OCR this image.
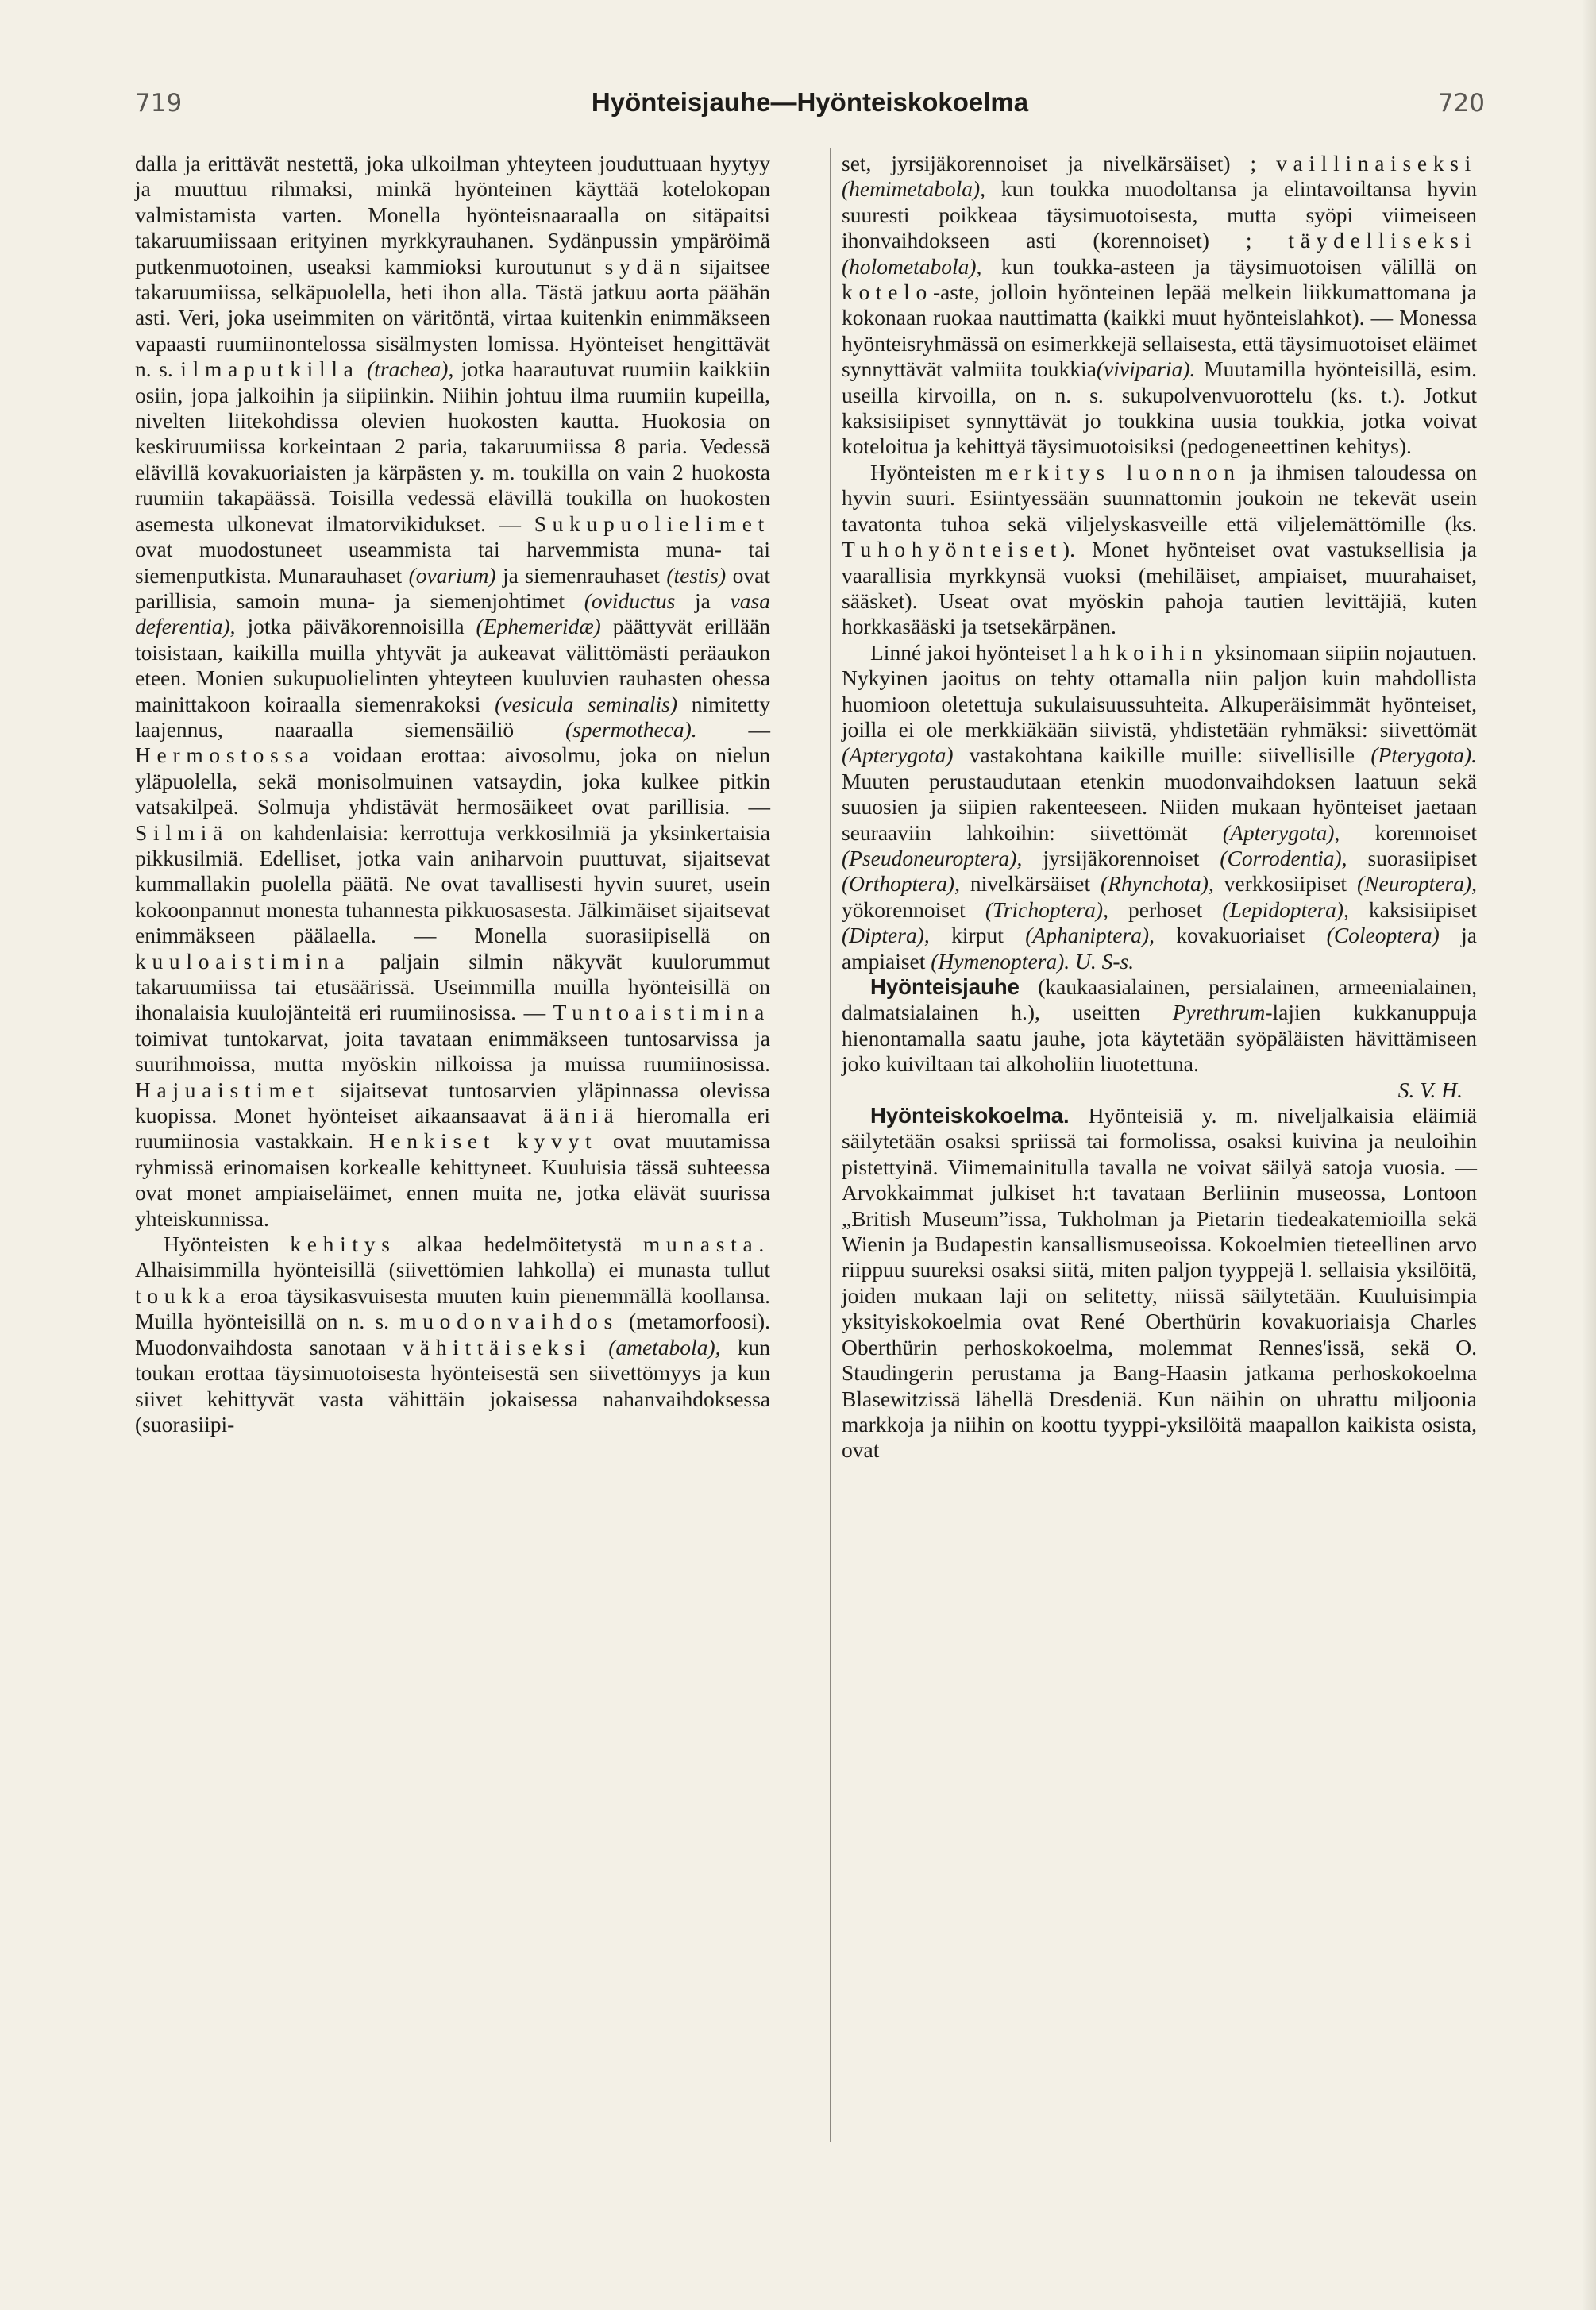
719	Hyönteisjauhe—Hyönteiskokoelma	720

dalla ja erittävät nestettä, joka ulkoilman yhteyteen jouduttuaan hyytyy ja muuttuu rihmaksi, minkä hyönteinen käyttää kotelokopan valmistamista varten. Monella hyönteisnaaraalla on sitäpaitsi takaruumiissaan erityinen myrkkyrauhanen. Sydänpussin ympäröimä putkenmuotoinen, useaksi kammioksi kuroutunut sydän sijaitsee takaruumiissa, selkäpuolella, heti ihon alla. Tästä jatkuu aorta päähän asti. Veri, joka useimmiten on väritöntä, virtaa kuitenkin enimmäkseen vapaasti ruumiinontelossa sisälmysten lomissa. Hyönteiset hengittävät n. s. ilmaputkilla (trachea), jotka haarautuvat ruumiin kaikkiin osiin, jopa jalkoihin ja siipiinkin. Niihin johtuu ilma ruumiin kupeilla, nivelten liitekohdissa olevien huokosten kautta. Huokosia on keskiruumiissa korkeintaan 2 paria, takaruumiissa 8 paria. Vedessä elävillä kovakuoriaisten ja kärpästen y. m. toukilla on vain 2 huokosta ruumiin takapäässä. Toisilla vedessä elävillä toukilla on huokosten asemesta ulkonevat ilmatorvikidukset. — Sukupuolielimet ovat muodostuneet useammista tai harvemmista muna- tai siemenputkista. Munarauhaset (ovarium) ja siemenrauhaset (testis) ovat parillisia, samoin muna- ja siemenjohtimet (oviductus ja vasa deferentia), jotka päiväkorennoisilla (Ephemeridæ) päättyvät erillään toisistaan, kaikilla muilla yhtyvät ja aukeavat välittömästi peräaukon eteen. Monien sukupuolielinten yhteyteen kuuluvien rauhasten ohessa mainittakoon koiraalla siemenrakoksi (vesicula seminalis) nimitetty laajennus, naaraalla siemensäiliö (spermotheca). — Hermostossa voidaan erottaa: aivosolmu, joka on nielun yläpuolella, sekä monisolmuinen vatsaydin, joka kulkee pitkin vatsakilpeä. Solmuja yhdistävät hermosäikeet ovat parillisia. — Silmiä on kahdenlaisia: kerrottuja verkkosilmiä ja yksinkertaisia pikkusilmiä. Edelliset, jotka vain aniharvoin puuttuvat, sijaitsevat kummallakin puolella päätä. Ne ovat tavallisesti hyvin suuret, usein kokoonpannut monesta tuhannesta pikkuosasesta. Jälkimäiset sijaitsevat enimmäkseen päälaella. — Monella suorasiipisellä on kuuloaistimina paljain silmin näkyvät kuulorummut takaruumiissa tai etusäärissä. Useimmilla muilla hyönteisillä on ihonalaisia kuulojänteitä eri ruumiinosissa. — Tuntoaistimina toimivat tuntokarvat, joita tavataan enimmäkseen tuntosarvissa ja suurihmoissa, mutta myöskin nilkoissa ja muissa ruumiinosissa. Hajuaistimet sijaitsevat tuntosarvien yläpinnassa olevissa kuopissa. Monet hyönteiset aikaansaavat ääniä hieromalla eri ruumiinosia vastakkain. Henkiset kyvyt ovat muutamissa ryhmissä erinomaisen korkealle kehittyneet. Kuuluisia tässä suhteessa ovat monet ampiaiseläimet, ennen muita ne, jotka elävät suurissa yhteiskunnissa.

Hyönteisten kehitys alkaa hedelmöitetystä munasta. Alhaisimmilla hyönteisillä (siivettömien lahkolla) ei munasta tullut toukka eroa täysikasvuisesta muuten kuin pienemmällä koollansa. Muilla hyönteisillä on n. s. muodonvaihdos (metamorfoosi). Muodonvaihdosta sanotaan vähittäiseksi (ametabola), kun toukan erottaa täysimuotoisesta hyönteisestä sen siivettömyys ja kun siivet kehittyvät vasta vähittäin jokaisessa nahanvaihdoksessa (suorasiipi-

set, jyrsijäkorennoiset ja nivelkärsäiset) ; vaillinaiseksi (hemimetabola), kun toukka muodoltansa ja elintavoiltansa hyvin suuresti poikkeaa täysimuotoisesta, mutta syöpi viimeiseen ihonvaihdokseen asti (korennoiset) ; täydelliseksi (holometabola), kun toukka-asteen ja täysimuotoisen välillä on kotelo-aste, jolloin hyönteinen lepää melkein liikkumattomana ja kokonaan ruokaa nauttimatta (kaikki muut hyönteislahkot). — Monessa hyönteisryhmässä on esimerkkejä sellaisesta, että täysimuotoiset eläimet synnyttävät valmiita toukkia(viviparia). Muutamilla hyönteisillä, esim. useilla kirvoilla, on n. s. sukupolvenvuorottelu (ks. t.). Jotkut kaksisiipiset synnyttävät jo toukkina uusia toukkia, jotka voivat koteloitua ja kehittyä täysimuotoisiksi (pedogeneettinen kehitys).

Hyönteisten merkitys luonnon ja ihmisen taloudessa on hyvin suuri. Esiintyessään suunnattomin joukoin ne tekevät usein tavatonta tuhoa sekä viljelyskasveille että viljelemättömille (ks. Tuhohyönteiset). Monet hyönteiset ovat vastuksellisia ja vaarallisia myrkkynsä vuoksi (mehiläiset, ampiaiset, muurahaiset, sääsket). Useat ovat myöskin pahoja tautien levittäjiä, kuten horkkasääski ja tsetsekärpänen.

Linné jakoi hyönteiset lahkoihin yksinomaan siipiin nojautuen. Nykyinen jaoitus on tehty ottamalla niin paljon kuin mahdollista huomioon oletettuja sukulaisuussuhteita. Alkuperäisimmät hyönteiset, joilla ei ole merkkiäkään siivistä, yhdistetään ryhmäksi: siivettömät (Apterygota) vastakohtana kaikille muille: siivellisille (Pterygota). Muuten perustaudutaan etenkin muodonvaihdoksen laatuun sekä suuosien ja siipien rakenteeseen. Niiden mukaan hyönteiset jaetaan seuraaviin lahkoihin: siivettömät (Apterygota), korennoiset (Pseudoneuroptera), jyrsijäkorennoiset (Corrodentia), suorasiipiset (Orthoptera), nivelkärsäiset (Rhynchota), verkkosiipiset (Neuroptera), yökorennoiset (Trichoptera), perhoset (Lepidoptera), kaksisiipiset (Diptera), kirput (Aphaniptera), kovakuoriaiset (Coleoptera) ja ampiaiset (Hymenoptera). U. S-s.

Hyönteisjauhe (kaukaasialainen, persialainen, armeenialainen, dalmatsialainen h.), useitten Pyrethrum-lajien kukkanuppuja hienontamalla saatu jauhe, jota käytetään syöpäläisten hävittämiseen joko kuiviltaan tai alkoholiin liuotettuna.

S. V. H.

Hyönteiskokoelma. Hyönteisiä y. m. niveljalkaisia eläimiä säilytetään osaksi spriissä tai formolissa, osaksi kuivina ja neuloihin pistettyinä. Viimemainitulla tavalla ne voivat säilyä satoja vuosia. — Arvokkaimmat julkiset h:t tavataan Berliinin museossa, Lontoon „British Museum”issa, Tukholman ja Pietarin tiedeakatemioilla sekä Wienin ja Budapestin kansallismuseoissa. Kokoelmien tieteellinen arvo riippuu suureksi osaksi siitä, miten paljon tyyppejä l. sellaisia yksilöitä, joiden mukaan laji on selitetty, niissä säilytetään. Kuuluisimpia yksityiskokoelmia ovat René Oberthürin kovakuoriaisja Charles Oberthürin perhoskokoelma, molemmat Rennes'issä, sekä O. Staudingerin perustama ja Bang-Haasin jatkama perhoskokoelma Blasewitzissä lähellä Dresdeniä. Kun näihin on uhrattu miljoonia markkoja ja niihin on koottu tyyppi-yksilöitä maapallon kaikista osista, ovat
